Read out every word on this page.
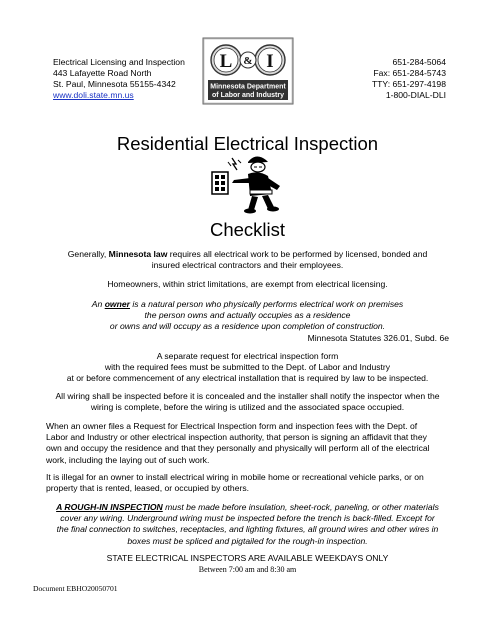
Electrical Licensing and Inspection
443 Lafayette Road North
St. Paul, Minnesota 55155-4342
www.doli.state.mn.us
L & I
Minnesota Department
of Labor and Industry
651-284-5064
Fax: 651-284-5743
TTY: 651-297-4198
1-800-DIAL-DLI
Residential Electrical Inspection
Checklist
Generally, Minnesota law requires all electrical work to be performed by licensed, bonded and
insured electrical contractors and their employees.
Homeowners, within strict limitations, are exempt from electrical licensing.
An owner is a natural person who physically performs electrical work on premises
the person owns and actually occupies as a residence
or owns and will occupy as a residence upon completion of construction.
Minnesota Statutes 326.01, Subd. 6e
A separate request for electrical inspection form
with the required fees must be submitted to the Dept. of Labor and Industry
at or before commencement of any electrical installation that is required by law to be inspected.
All wiring shall be inspected before it is concealed and the installer shall notify the inspector when the
wiring is complete, before the wiring is utilized and the associated space occupied.
When an owner files a Request for Electrical Inspection form and inspection fees with the Dept. of
Labor and Industry or other electrical inspection authority, that person is signing an affidavit that they
own and occupy the residence and that they personally and physically will perform all of the electrical
work, including the laying out of such work.
It is illegal for an owner to install electrical wiring in mobile home or recreational vehicle parks, or on
property that is rented, leased, or occupied by others.
A ROUGH-IN INSPECTION must be made before insulation, sheet-rock, paneling, or other materials
cover any wiring. Underground wiring must be inspected before the trench is back-filled. Except for
the final connection to switches, receptacles, and lighting fixtures, all ground wires and other wires in
boxes must be spliced and pigtailed for the rough-in inspection.
STATE ELECTRICAL INSPECTORS ARE AVAILABLE WEEKDAYS ONLY
Between 7:00 am and 8:30 am
Document EBHO20050701
